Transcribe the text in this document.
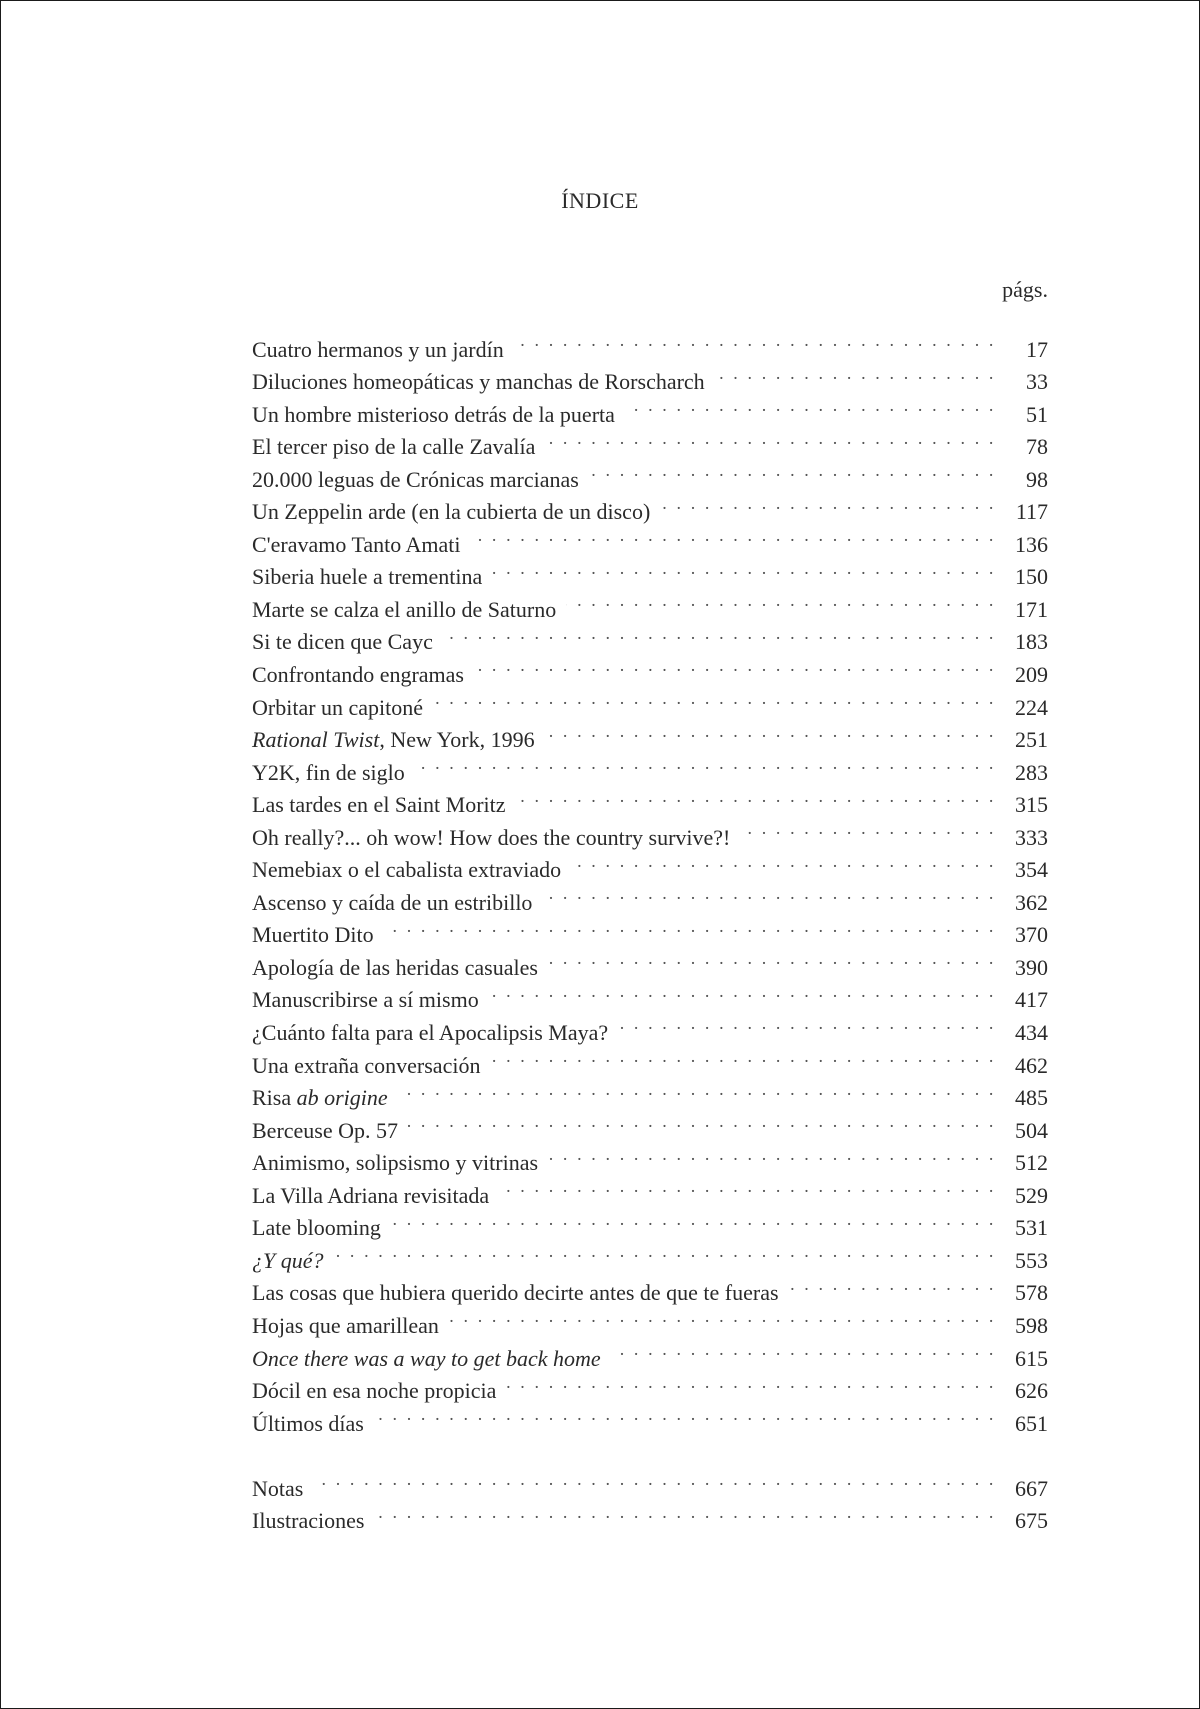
ÍNDICE
págs.
Cuatro hermanos y un jardín . . .	17
Diluciones homeopáticas y manchas de Rorscharch . . .	33
Un hombre misterioso detrás de la puerta . . .	51
El tercer piso de la calle Zavalía . . .	78
20.000 leguas de Crónicas marcianas . . .	98
Un Zeppelin arde (en la cubierta de un disco) . . .	117
C'eravamo Tanto Amati . . .	136
Siberia huele a trementina . . .	150
Marte se calza el anillo de Saturno . . .	171
Si te dicen que Cayc . . .	183
Confrontando engramas . . .	209
Orbitar un capitoné . . .	224
Rational Twist, New York, 1996 . . .	251
Y2K, fin de siglo . . .	283
Las tardes en el Saint Moritz . . .	315
Oh really?... oh wow! How does the country survive?! . . .	333
Nemebiax o el cabalista extraviado . . .	354
Ascenso y caída de un estribillo . . .	362
Muertito Dito . . .	370
Apología de las heridas casuales . . .	390
Manuscribirse a sí mismo . . .	417
¿Cuánto falta para el Apocalipsis Maya? . . .	434
Una extraña conversación . . .	462
Risa ab origine . . .	485
Berceuse Op. 57 . . .	504
Animismo, solipsismo y vitrinas . . .	512
La Villa Adriana revisitada . . .	529
Late blooming . . .	531
¿Y qué? . . .	553
Las cosas que hubiera querido decirte antes de que te fueras . . .	578
Hojas que amarillean . . .	598
Once there was a way to get back home . . .	615
Dócil en esa noche propicia . . .	626
Últimos días . . .	651
Notas . . .	667
Ilustraciones . . .	675
